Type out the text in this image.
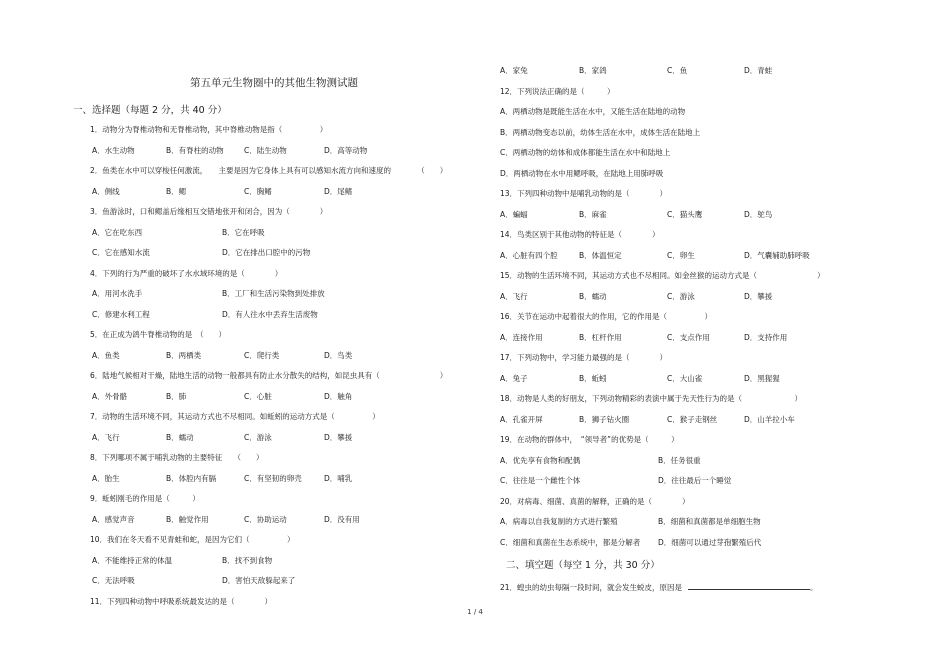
第五单元生物圈中的其他生物测试题
一、选择题（每题 2 分，共 40 分）
1．动物分为脊椎动物和无脊椎动物，其中脊椎动物是指（　　　　　）
A．水生动物	B．有脊柱的动物	C．陆生动物	D．高等动物
2．鱼类在水中可以穿梭任何激流，　　主要是因为它身体上具有可以感知水流方向和速度的　　　　（　　）
A．侧线	B．鳃	C．胸鳍	D．尾鳍
3．鱼游泳时，口和鳃盖后缘相互交错地张开和闭合，因为（　　　　）
A．它在吃东西	B．它在呼吸
C．它在感知水流	D．它在排出口腔中的污物
4．下列的行为严重的破坏了水水域环境的是（　　　　）
A．用河水洗手	B．工厂和生活污染物到处排放
C．修建水利工程	D．有人往水中丢弃生活废物
5．在正成为鸽牛脊椎动物的是　（　　）
A．鱼类	B．两栖类	C．爬行类	D．鸟类
6．陆地气候相对干燥，陆地生活的动物一般都具有防止水分散失的结构，如昆虫具有（　　　　　　　　）
A．外骨骼	B．肺	C．心脏	D．触角
7．动物的生活环境不同，其运动方式也不尽相同。如蚯蚓的运动方式是（　　　　　）
A．飞行	B．蠕动	C．游泳	D．攀援
8．下列哪项不属于哺乳动物的主要特征　　（　　）
A．胎生	B．体腔内有膈	C．有坚韧的卵壳	D．哺乳
9．蚯蚓刚毛的作用是（　　　）
A．感觉声音	B．触觉作用	C．协助运动	D．没有用
10．我们在冬天看不见青蛙和蛇，是因为它们（　　　　　）
A．不能维持正常的体温	B．找不到食物
C．无法呼吸	D．害怕天敌躲起来了
11．下列四种动物中呼吸系统最发达的是（　　　　）
A．家兔	B．家鸽	C．鱼	D．青蛙
12．下列说法正确的是（　　　）
A．两栖动物是既能生活在水中，又能生活在陆地的动物
B．两栖动物变态以前，幼体生活在水中，成体生活在陆地上
C．两栖动物的幼体和成体都能生活在水中和陆地上
D．两栖动物在水中用鳃呼吸，在陆地上用肺呼吸
13．下列四种动物中是哺乳动物的是（　　　　）
A．蝙蝠	B．麻雀	C．猫头鹰	D．鸵鸟
14．鸟类区别于其他动物的特征是（　　　　）
A．心脏有四个腔	B．体温恒定	C．卵生	D．气囊辅助肺呼吸
15．动物的生活环境不同，其运动方式也不尽相同。如金丝猴的运动方式是（　　　　　　　　）
A．飞行	B．蠕动	C．游泳	D．攀援
16．关节在运动中起着很大的作用，它的作用是（　　　　　）
A．连接作用	B．杠杆作用	C．支点作用	D．支持作用
17．下列动物中，学习能力最强的是（　　　　）
A．兔子	B．蚯蚓	C．大山雀	D．黑猩猩
18．动物是人类的好朋友，下列动物精彩的表演中属于先天性行为的是（　　　　　　　）
A．孔雀开屏	B．狮子钻火圈	C．猴子走钢丝	D．山羊拉小车
19．在动物的群体中，　“领导者”的优势是（　　　）
A．优先享有食物和配偶	B．任务很重
C．往往是一个雌性个体	D．往往最后一个睡觉
20．对病毒、细菌、真菌的解释，正确的是（　　　　）
A．病毒以自我复制的方式进行繁殖	B．细菌和真菌都是单细胞生物
C．细菌和真菌在生态系统中，都是分解者 D．细菌可以通过芽孢繁殖后代
二、填空题（每空 1 分，共 30 分）
21．蝗虫的幼虫每隔一段时间，就会发生蜕皮，原因是	。
1 / 4
